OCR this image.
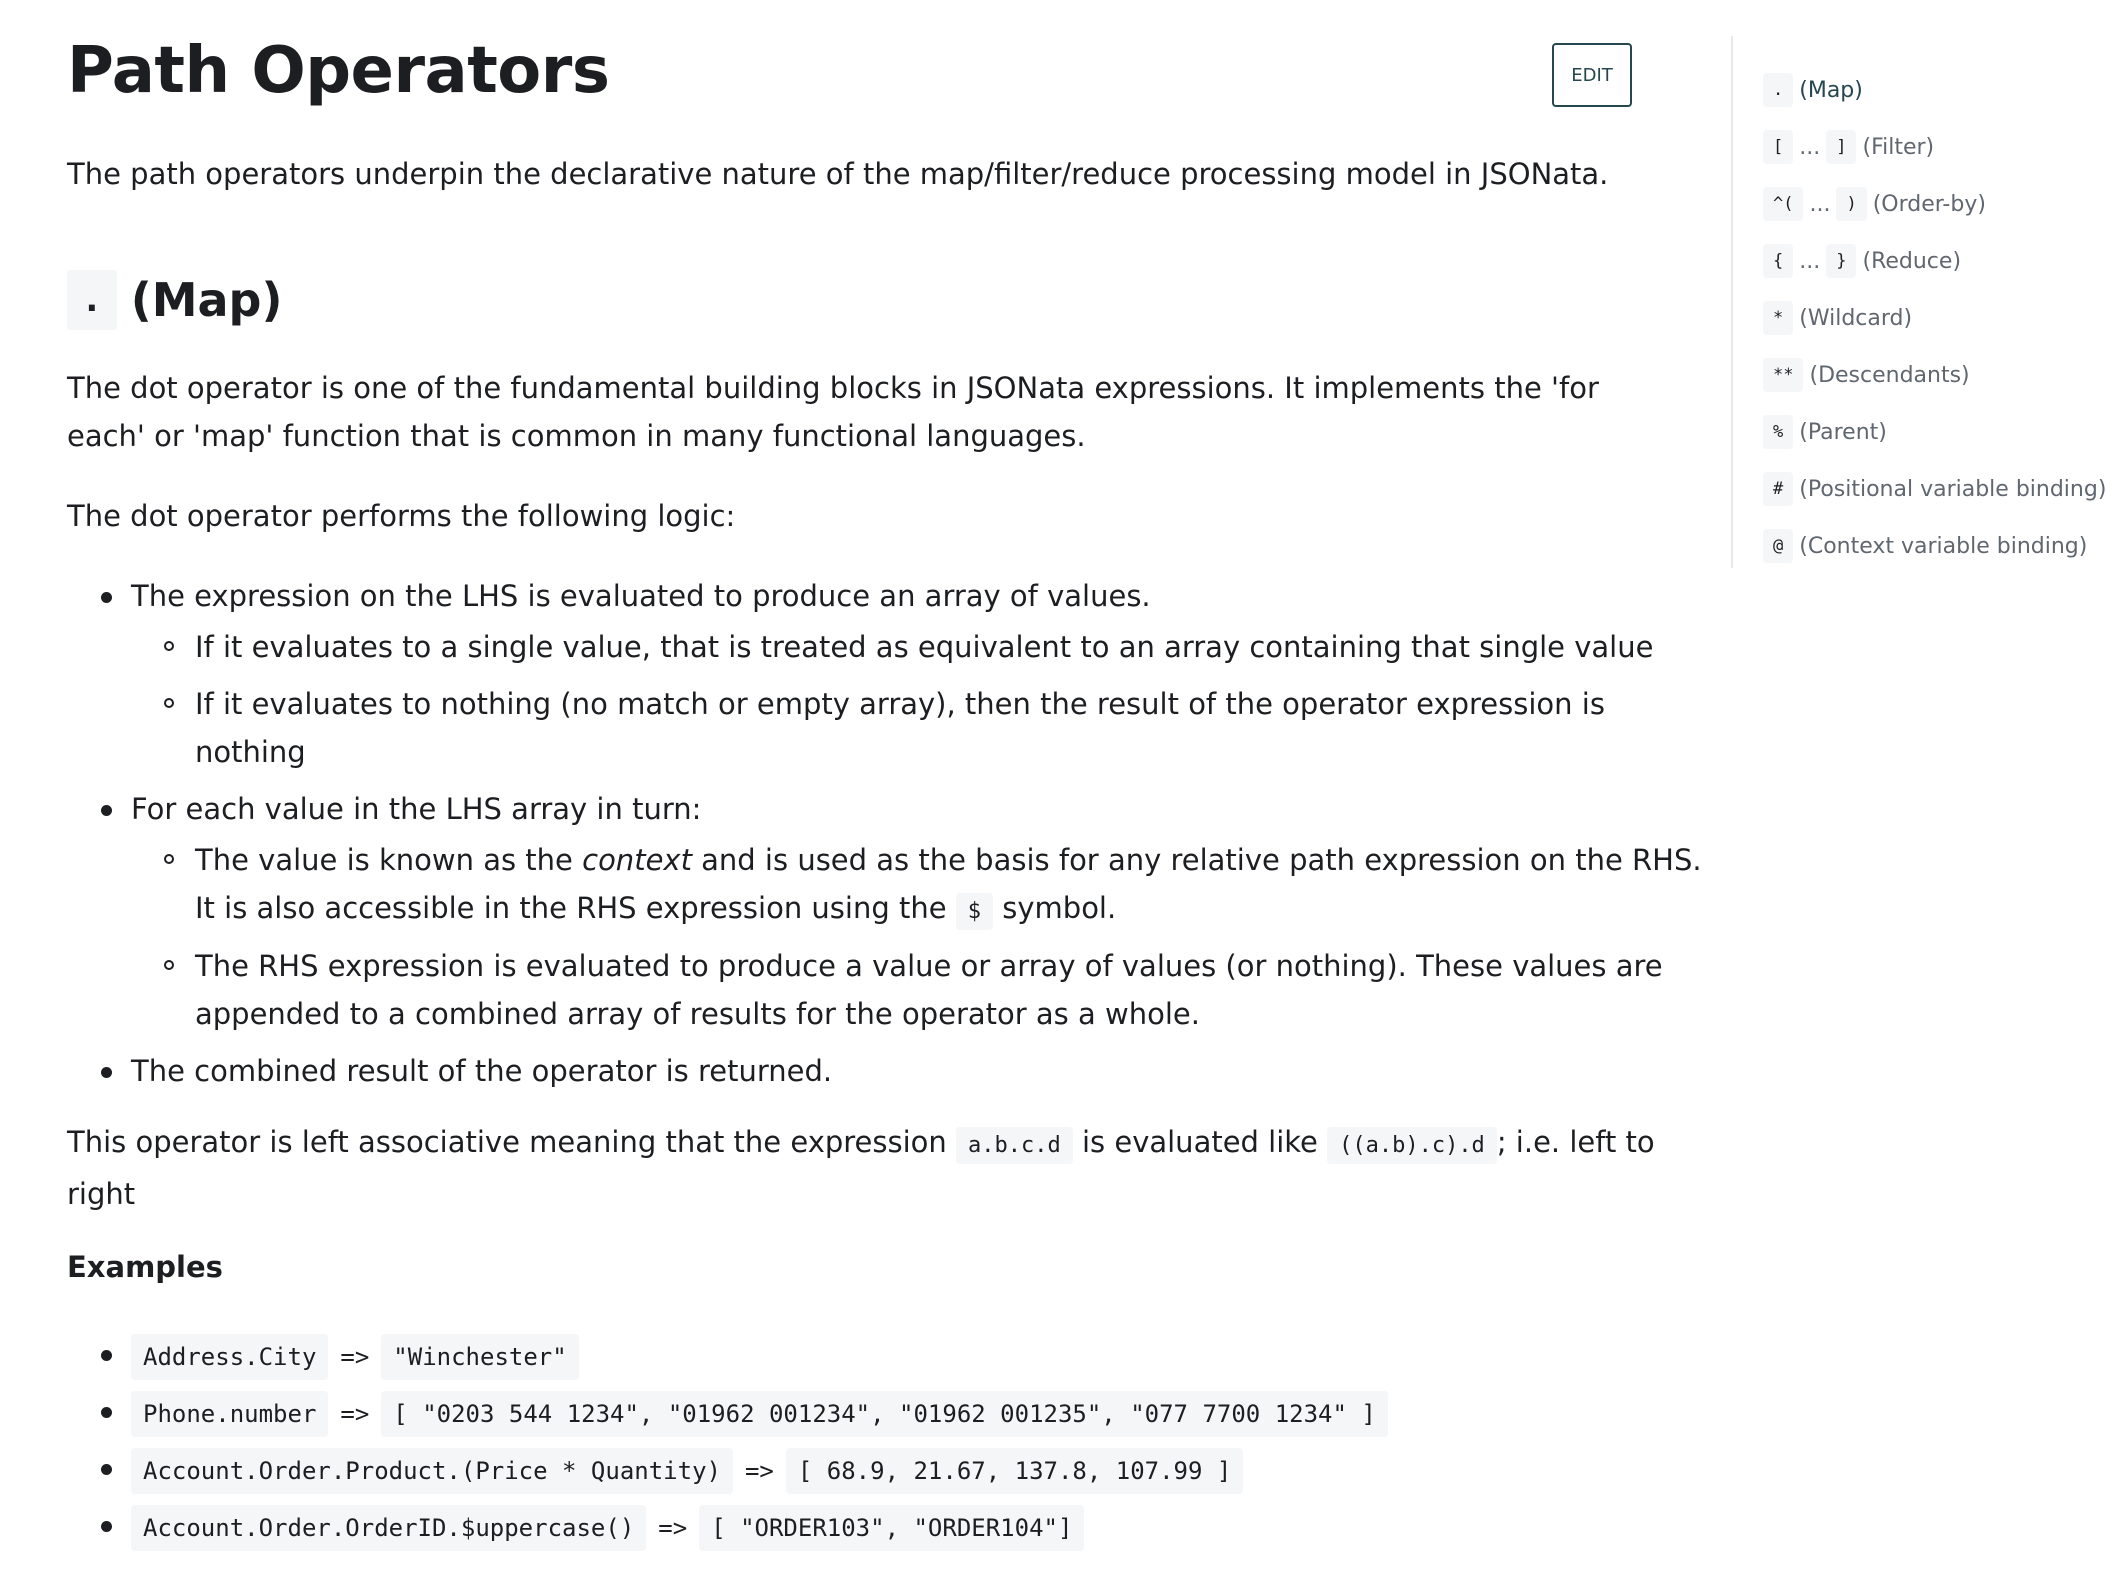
Path Operators	EDIT

The path operators underpin the declarative nature of the map/filter/reduce processing model in JSONata.

. (Map)

The dot operator is one of the fundamental building blocks in JSONata expressions. It implements the 'for

each' or 'map' function that is common in many functional languages.

The dot operator performs the following logic:

The expression on the LHS is evaluated to produce an array of values.
If it evaluates to a single value, that is treated as equivalent to an array containing that single value
If it evaluates to nothing (no match or empty array), then the result of the operator expression is
nothing
For each value in the LHS array in turn:
The value is known as the context and is used as the basis for any relative path expression on the RHS.
It is also accessible in the RHS expression using the $ symbol.
The RHS expression is evaluated to produce a value or array of values (or nothing). These values are
appended to a combined array of results for the operator as a whole.
The combined result of the operator is returned.

This operator is left associative meaning that the expression a.b.c.d is evaluated like ((a.b).c).d ; i.e. left to

right

Examples
Address.City	=>	"Winchester"
Phone.number	=>	[ "0203 544 1234", "01962 001234", "01962 001235", "077 7700 1234" ]
Account.Order.Product.(Price * Quantity)	=>	[ 68.9, 21.67, 137.8, 107.99 ]
Account.Order.OrderID.$uppercase()	=>	[ "ORDER103", "ORDER104"]
. (Map)
[ ... ] (Filter)
^( ... ) (Order-by)
{ ... } (Reduce)
* (Wildcard)
** (Descendants)
% (Parent)
# (Positional variable binding)
@ (Context variable binding)
